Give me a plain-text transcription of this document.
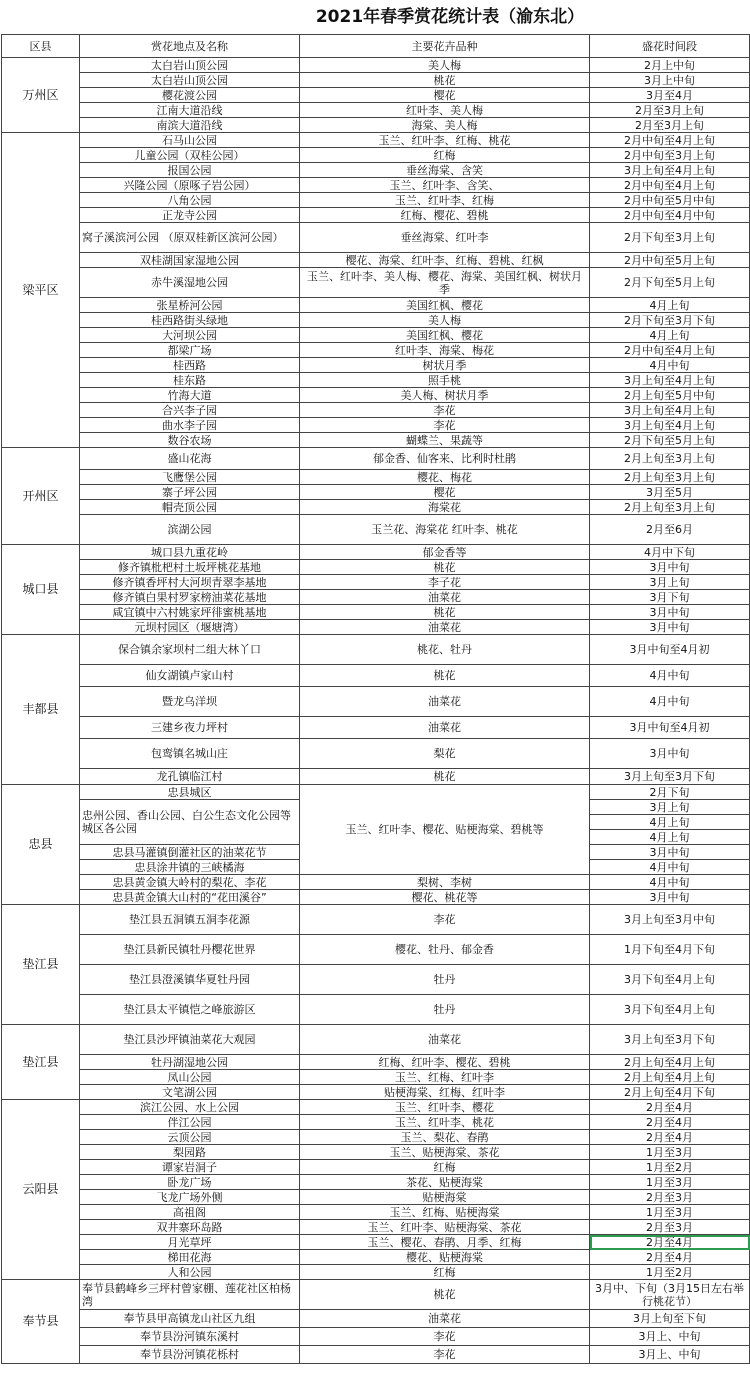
2021年春季赏花统计表（渝东北）
区县	赏花地点及名称	主要花卉品种	盛花时间段
万州区	太白岩山顶公园	美人梅	2月上中旬
	太白岩山顶公园	桃花	3月上中旬
	樱花渡公园	樱花	3月至4月
	江南大道沿线	红叶李、美人梅	2月至3月上旬
	南滨大道沿线	海棠、美人梅	2月至3月上旬
梁平区	石马山公园	玉兰、红叶李、红梅、桃花	2月中旬至4月上旬
	儿童公园（双桂公园）	红梅	2月中旬至3月上旬
	报国公园	垂丝海棠、含笑	3月上旬至4月上旬
	兴隆公园（原啄子岩公园）	玉兰、红叶李、含笑、	2月中旬至4月上旬
	八角公园	玉兰、红叶李、红梅	2月中旬至5月中旬
	正龙寺公园	红梅、樱花、碧桃	2月中旬至4月中旬
	窝子溪滨河公园 （原双桂新区滨河公园）	垂丝海棠、红叶李	2月下旬至3月上旬
	双桂湖国家湿地公园	樱花、海棠、红叶李、红梅、碧桃、红枫	2月中旬至5月上旬
	赤牛溪湿地公园	玉兰、红叶李、美人梅、樱花、海棠、美国红枫、树状月季	2月下旬至5月上旬
	张星桥河公园	美国红枫、樱花	4月上旬
	桂西路街头绿地	美人梅	2月下旬至3月下旬
	大河坝公园	美国红枫、樱花	4月上旬
	都梁广场	红叶李、海棠、梅花	2月中旬至4月上旬
	桂西路	树状月季	4月中旬
	桂东路	照手桃	3月上旬至4月上旬
	竹海大道	美人梅、树状月季	2月上旬至5月中旬
	合兴李子园	李花	3月上旬至4月上旬
	曲水李子园	李花	3月上旬至4月上旬
	数谷农场	蝴蝶兰、果蔬等	2月下旬至5月上旬
开州区	盛山花海	郁金香、仙客来、比利时杜鹃	2月上旬至3月上旬
	飞鹰堡公园	樱花、梅花	2月上旬至3月上旬
	寨子坪公园	樱花	3月至5月
	帽壳顶公园	海棠花	2月上旬至3月上旬
	滨湖公园	玉兰花、海棠花 红叶李、桃花	2月至6月
城口县	城口县九重花岭	郁金香等	4月中下旬
	修齐镇枇杷村土坂坪桃花基地	桃花	3月中旬
	修齐镇香坪村大河坝青翠李基地	李子花	3月上旬
	修齐镇白果村罗家榜油菜花基地	油菜花	3月下旬
	咸宜镇中六村姚家坪徘蜜桃基地	桃花	3月中旬
	元坝村园区（堰塘湾）	油菜花	3月中旬
丰都县	保合镇余家坝村二组大林丫口	桃花、牡丹	3月中旬至4月初
	仙女湖镇卢家山村	桃花	4月中旬
	暨龙乌洋坝	油菜花	4月中旬
	三建乡夜力坪村	油菜花	3月中旬至4月初
	包鸾镇名城山庄	梨花	3月中旬
	龙孔镇临江村	桃花	3月上旬至3月下旬
忠县	忠县城区	玉兰、红叶李、樱花、贴梗海棠、碧桃等	2月下旬
	忠州公园、香山公园、白公生态文化公园等城区各公园		3月上旬
			4月上旬
			4月上旬
	忠县马灌镇倒灌社区的油菜花节		3月中旬
	忠县涂井镇的三峡橘海		4月中旬
	忠县黄金镇大岭村的梨花、李花	梨树、李树	4月中旬
	忠县黄金镇大山村的“花田溪谷”	樱花、桃花等	3月中旬
垫江县	垫江县五洞镇五洞李花源	李花	3月上旬至3月中旬
	垫江县新民镇牡丹樱花世界	樱花、牡丹、郁金香	1月下旬至4月下旬
	垫江县澄溪镇华夏牡丹园	牡丹	3月下旬至4月上旬
	垫江县太平镇恺之峰旅游区	牡丹	3月下旬至4月上旬
垫江县	垫江县沙坪镇油菜花大观园	油菜花	3月上旬至3月下旬
	牡丹湖湿地公园	红梅、红叶李、樱花、碧桃	2月上旬至4月上旬
	凤山公园	玉兰、红梅、红叶李	2月上旬至4月上旬
	文笔湖公园	贴梗海棠、红梅、红叶李	2月上旬至4月下旬
云阳县	滨江公园、水上公园	玉兰、红叶李、樱花	2月至4月
	伴江公园	玉兰、红叶李、桃花	2月至4月
	云顶公园	玉兰、梨花、春鹃	2月至4月
	梨园路	玉兰、贴梗海棠、茶花	1月至3月
	谭家岩洞子	红梅	1月至2月
	卧龙广场	茶花、贴梗海棠	1月至3月
	飞龙广场外侧	贴梗海棠	2月至3月
	高祖阁	玉兰、红梅、贴梗海棠	1月至3月
	双井寨环岛路	玉兰、红叶李、贴梗海棠、茶花	2月至3月
	月光草坪	玉兰、樱花、春鹃、月季、红梅	2月至4月
	梯田花海	樱花、贴梗海棠	2月至4月
	人和公园	红梅	1月至2月
奉节县	奉节县鹤峰乡三坪村曾家棚、莲花社区柏杨湾	桃花	3月中、下旬（3月15日左右举行桃花节）
	奉节县甲高镇龙山社区九组	油菜花	3月上旬至下旬
	奉节县汾河镇东溪村	李花	3月上、中旬
	奉节县汾河镇花栎村	李花	3月上、中旬
